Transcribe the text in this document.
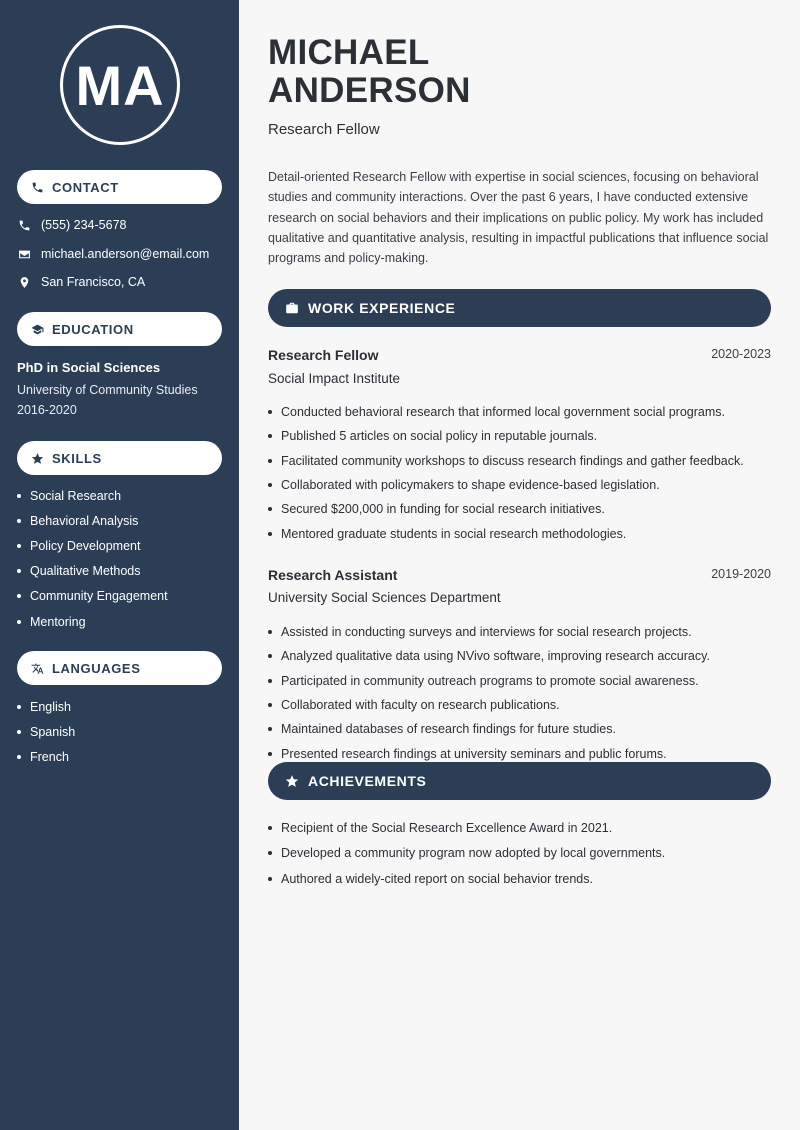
MA
CONTACT
(555) 234-5678
michael.anderson@email.com
San Francisco, CA
EDUCATION
PhD in Social Sciences
University of Community Studies
2016-2020
SKILLS
Social Research
Behavioral Analysis
Policy Development
Qualitative Methods
Community Engagement
Mentoring
LANGUAGES
English
Spanish
French
MICHAEL
ANDERSON
Research Fellow

Detail-oriented Research Fellow with expertise in social sciences, focusing on behavioral studies and community interactions. Over the past 6 years, I have conducted extensive research on social behaviors and their implications on public policy. My work has included qualitative and quantitative analysis, resulting in impactful publications that influence social programs and policy-making.

WORK EXPERIENCE
Research Fellow	2020-2023
Social Impact Institute
Conducted behavioral research that informed local government social programs.
Published 5 articles on social policy in reputable journals.
Facilitated community workshops to discuss research findings and gather feedback.
Collaborated with policymakers to shape evidence-based legislation.
Secured $200,000 in funding for social research initiatives.
Mentored graduate students in social research methodologies.
Research Assistant	2019-2020
University Social Sciences Department
Assisted in conducting surveys and interviews for social research projects.
Analyzed qualitative data using NVivo software, improving research accuracy.
Participated in community outreach programs to promote social awareness.
Collaborated with faculty on research publications.
Maintained databases of research findings for future studies.
Presented research findings at university seminars and public forums.
ACHIEVEMENTS
Recipient of the Social Research Excellence Award in 2021.
Developed a community program now adopted by local governments.
Authored a widely-cited report on social behavior trends.
